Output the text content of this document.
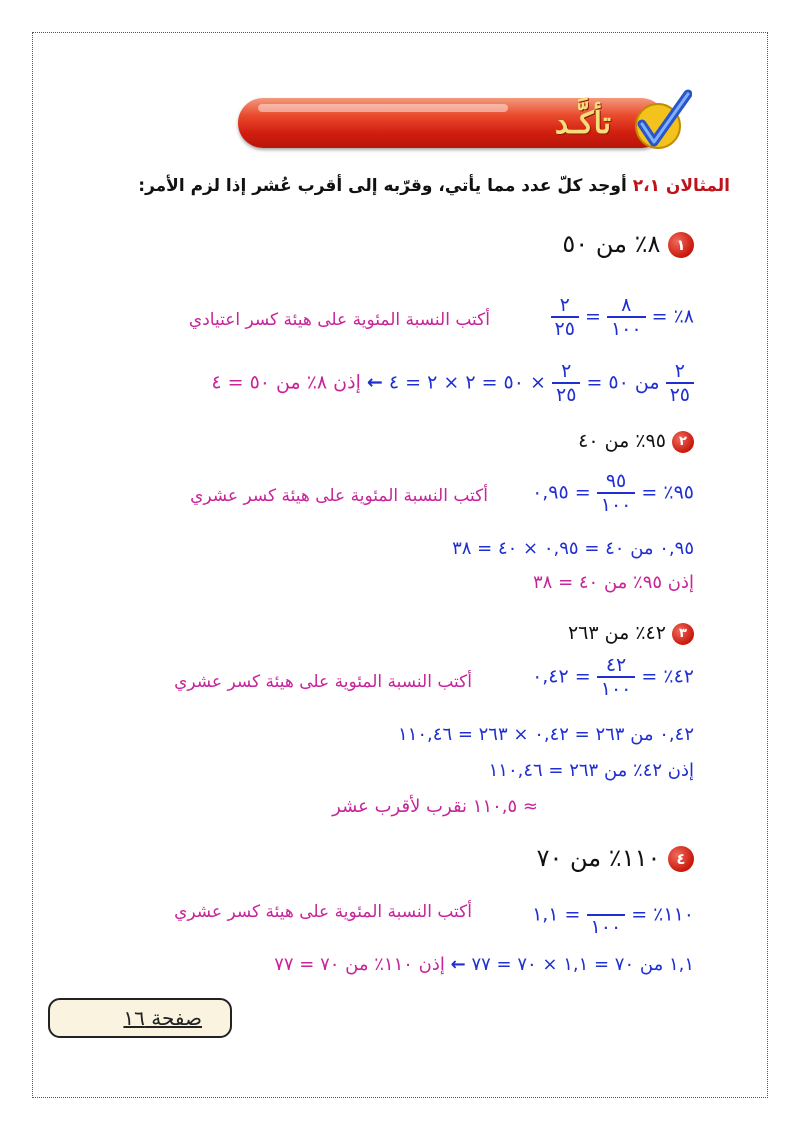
تأكَّـد
المثالان ٢،١ أوجد كلّ عدد مما يأتي، وقرّبه إلى أقرب عُشر إذا لزم الأمر:
١ ٨٪ من ٥٠
٨٪ =
$\frac{٨}{١٠٠}$
=
$\frac{٢}{٢٥}$
أكتب النسبة المئوية على هيئة كسر اعتيادي
$\frac{٢}{٢٥}$
من ٥٠ =
$\frac{٢}{٢٥}$
× ٥٠ = ٢ × ٢ = ٤ ← إذن ٨٪ من ٥٠ = ٤
٢ ٩٥٪ من ٤٠
٩٥٪ =
$\frac{٩٥}{١٠٠}$
= ٠,٩٥
أكتب النسبة المئوية على هيئة كسر عشري
٠,٩٥ من ٤٠ = ٠,٩٥ × ٤٠ = ٣٨
إذن ٩٥٪ من ٤٠ = ٣٨
٣ ٤٢٪ من ٢٦٣
٤٢٪ =
$\frac{٤٢}{١٠٠}$
= ٠,٤٢
أكتب النسبة المئوية على هيئة كسر عشري
٠,٤٢ من ٢٦٣ = ٠,٤٢ × ٢٦٣ = ١١٠,٤٦
إذن ٤٢٪ من ٢٦٣ = ١١٠,٤٦
≈ ١١٠,٥ نقرب لأقرب عشر
٤ ١١٠٪ من ٧٠
١١٠٪ =
١٠٠
= ١,١
أكتب النسبة المئوية على هيئة كسر عشري
١,١ من ٧٠ = ١,١ × ٧٠ = ٧٧ ← إذن ١١٠٪ من ٧٠ = ٧٧
صفحة ١٦
